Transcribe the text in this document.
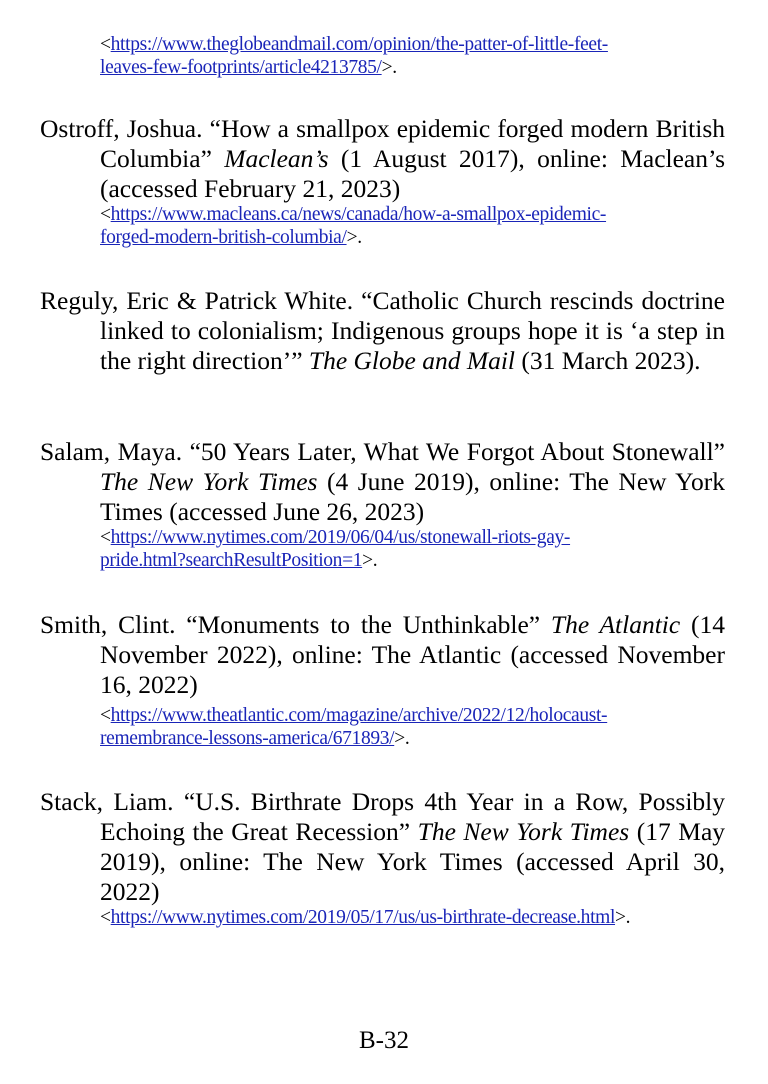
<https://www.theglobeandmail.com/opinion/the-patter-of-little-feet-
leaves-few-footprints/article4213785/>.
Ostroff, Joshua. “How a smallpox epidemic forged modern British Columbia” Maclean’s (1 August 2017), online: Maclean’s (accessed February 21, 2023)
<https://www.macleans.ca/news/canada/how-a-smallpox-epidemic-
forged-modern-british-columbia/>.
Reguly, Eric & Patrick White. “Catholic Church rescinds doctrine linked to colonialism; Indigenous groups hope it is ‘a step in the right direction’” The Globe and Mail (31 March 2023).
Salam, Maya. “50 Years Later, What We Forgot About Stonewall” The New York Times (4 June 2019), online: The New York Times (accessed June 26, 2023)
<https://www.nytimes.com/2019/06/04/us/stonewall-riots-gay-
pride.html?searchResultPosition=1>.
Smith, Clint. “Monuments to the Unthinkable” The Atlantic (14 November 2022), online: The Atlantic (accessed November 16, 2022)
<https://www.theatlantic.com/magazine/archive/2022/12/holocaust-
remembrance-lessons-america/671893/>.
Stack, Liam. “U.S. Birthrate Drops 4th Year in a Row, Possibly Echoing the Great Recession” The New York Times (17 May 2019), online: The New York Times (accessed April 30, 2022)
<https://www.nytimes.com/2019/05/17/us/us-birthrate-decrease.html>.
B-32
